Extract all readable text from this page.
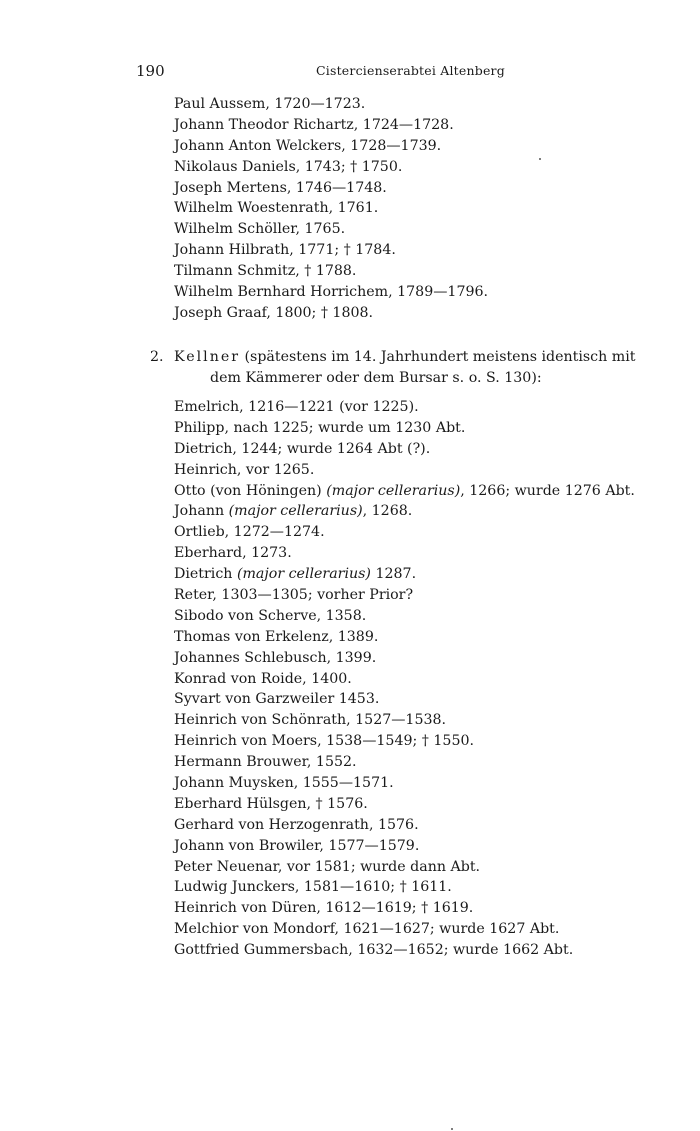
190	Cistercienserabtei Altenberg
Paul Aussem, 1720—1723.
Johann Theodor Richartz, 1724—1728.
Johann Anton Welckers, 1728—1739.
Nikolaus Daniels, 1743; † 1750.
Joseph Mertens, 1746—1748.
Wilhelm Woestenrath, 1761.
Wilhelm Schöller, 1765.
Johann Hilbrath, 1771; † 1784.
Tilmann Schmitz, † 1788.
Wilhelm Bernhard Horrichem, 1789—1796.
Joseph Graaf, 1800; † 1808.
2. Kellner (spätestens im 14. Jahrhundert meistens identisch mit
dem Kämmerer oder dem Bursar s. o. S. 130):
Emelrich, 1216—1221 (vor 1225).
Philipp, nach 1225; wurde um 1230 Abt.
Dietrich, 1244; wurde 1264 Abt (?).
Heinrich, vor 1265.
Otto (von Höningen) (major cellerarius), 1266; wurde 1276 Abt.
Johann (major cellerarius), 1268.
Ortlieb, 1272—1274.
Eberhard, 1273.
Dietrich (major cellerarius) 1287.
Reter, 1303—1305; vorher Prior?
Sibodo von Scherve, 1358.
Thomas von Erkelenz, 1389.
Johannes Schlebusch, 1399.
Konrad von Roide, 1400.
Syvart von Garzweiler 1453.
Heinrich von Schönrath, 1527—1538.
Heinrich von Moers, 1538—1549; † 1550.
Hermann Brouwer, 1552.
Johann Muysken, 1555—1571.
Eberhard Hülsgen, † 1576.
Gerhard von Herzogenrath, 1576.
Johann von Browiler, 1577—1579.
Peter Neuenar, vor 1581; wurde dann Abt.
Ludwig Junckers, 1581—1610; † 1611.
Heinrich von Düren, 1612—1619; † 1619.
Melchior von Mondorf, 1621—1627; wurde 1627 Abt.
Gottfried Gummersbach, 1632—1652; wurde 1662 Abt.
